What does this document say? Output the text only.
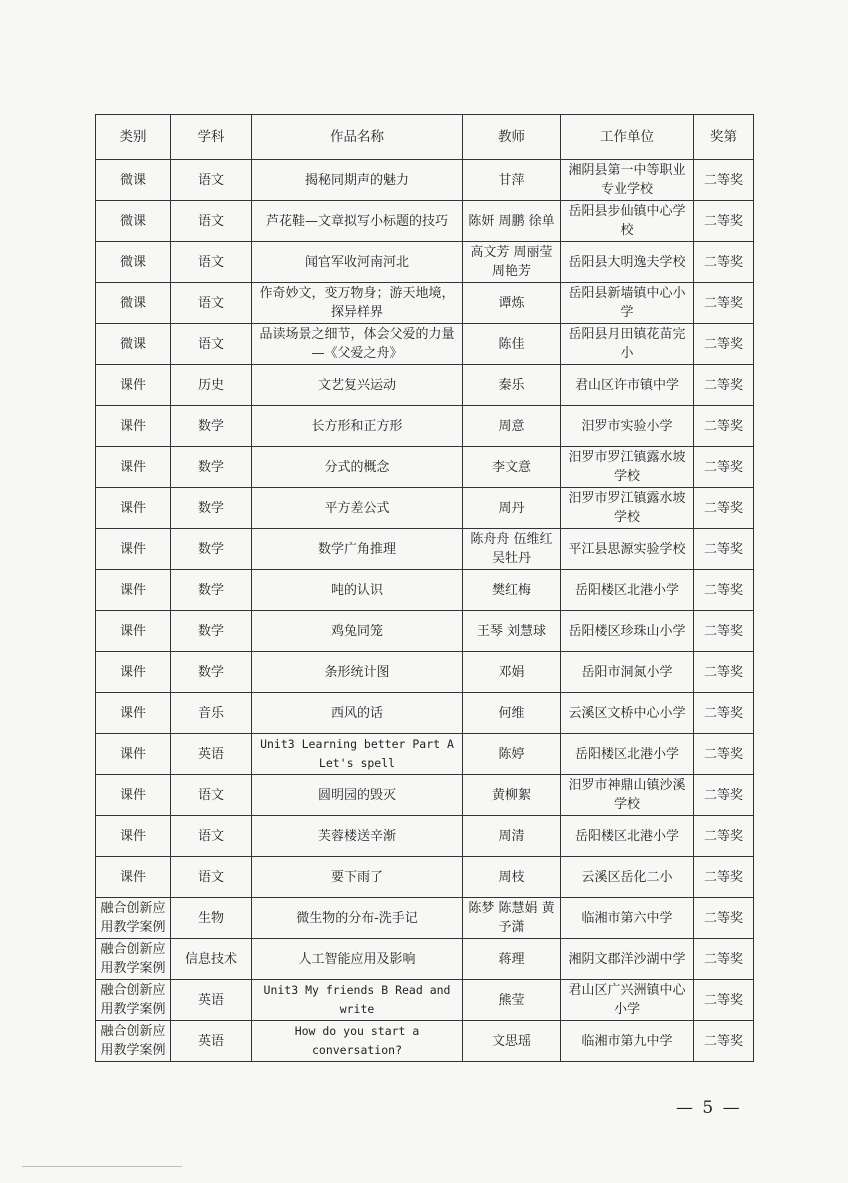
类别	学科	作品名称	教师	工作单位	奖第
微课	语文	揭秘同期声的魅力	甘萍	湘阴县第一中等职业专业学校	二等奖
微课	语文	芦花鞋—文章拟写小标题的技巧	陈妍 周鹏 徐单	岳阳县步仙镇中心学校	二等奖
微课	语文	闻官军收河南河北	高文芳 周丽莹 周艳芳	岳阳县大明逸夫学校	二等奖
微课	语文	作奇妙文，变万物身；游天地境，探异样界	谭炼	岳阳县新墙镇中心小学	二等奖
微课	语文	品读场景之细节，体会父爱的力量—《父爱之舟》	陈佳	岳阳县月田镇花苗完小	二等奖
课件	历史	文艺复兴运动	秦乐	君山区许市镇中学	二等奖
课件	数学	长方形和正方形	周意	汨罗市实验小学	二等奖
课件	数学	分式的概念	李文意	汨罗市罗江镇露水坡学校	二等奖
课件	数学	平方差公式	周丹	汨罗市罗江镇露水坡学校	二等奖
课件	数学	数学广角推理	陈舟舟 伍维红 吴牡丹	平江县思源实验学校	二等奖
课件	数学	吨的认识	樊红梅	岳阳楼区北港小学	二等奖
课件	数学	鸡兔同笼	王琴 刘慧球	岳阳楼区珍珠山小学	二等奖
课件	数学	条形统计图	邓娟	岳阳市洞氮小学	二等奖
课件	音乐	西风的话	何维	云溪区文桥中心小学	二等奖
课件	英语	Unit3 Learning better Part A Let's spell	陈婷	岳阳楼区北港小学	二等奖
课件	语文	圆明园的毁灭	黄柳絮	汨罗市神鼎山镇沙溪学校	二等奖
课件	语文	芙蓉楼送辛渐	周清	岳阳楼区北港小学	二等奖
课件	语文	要下雨了	周枝	云溪区岳化二小	二等奖
融合创新应用教学案例	生物	微生物的分布-洗手记	陈梦 陈慧娟 黄予潇	临湘市第六中学	二等奖
融合创新应用教学案例	信息技术	人工智能应用及影响	蒋理	湘阴文郡洋沙湖中学	二等奖
融合创新应用教学案例	英语	Unit3 My friends B Read and write	熊莹	君山区广兴洲镇中心小学	二等奖
融合创新应用教学案例	英语	How do you start a conversation?	文思瑶	临湘市第九中学	二等奖
— 5 —
